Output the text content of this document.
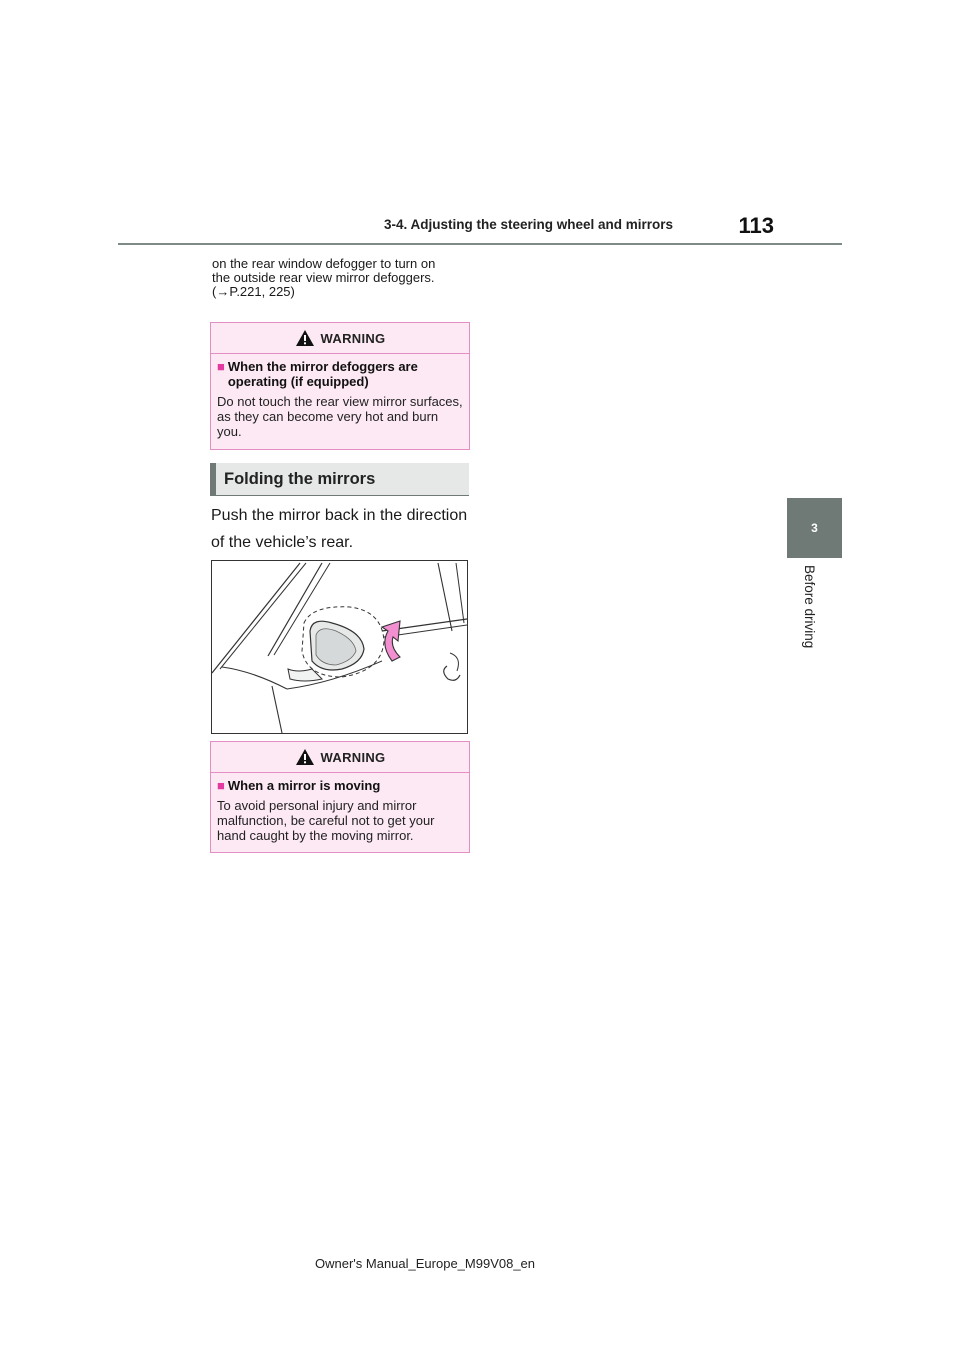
3-4. Adjusting the steering wheel and mirrors	113
3
Before driving
on the rear window defogger to turn on
the outside rear view mirror defoggers.
(→P.221, 225)
WARNING
■ When the mirror defoggers are operating (if equipped)
Do not touch the rear view mirror surfaces, as they can become very hot and burn you.
Folding the mirrors
Push the mirror back in the direction of the vehicle’s rear.
WARNING
■ When a mirror is moving
To avoid personal injury and mirror malfunction, be careful not to get your hand caught by the moving mirror.
Owner's Manual_Europe_M99V08_en
